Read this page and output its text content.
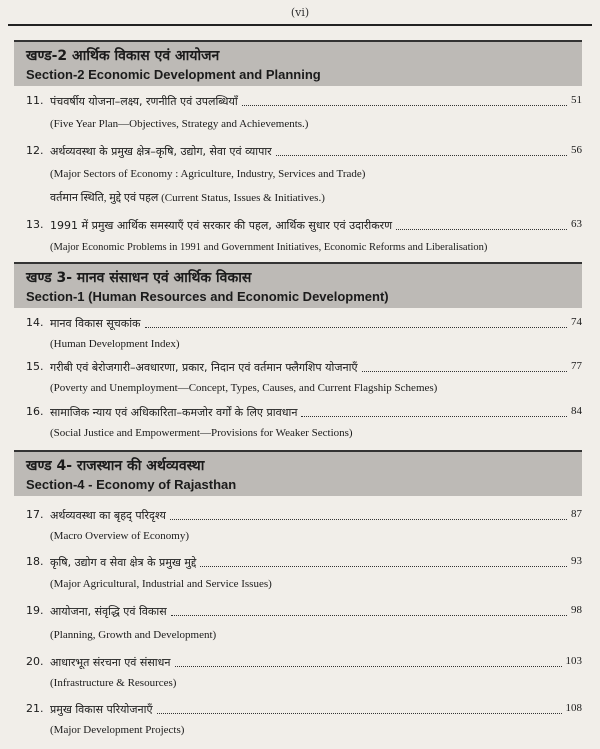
(vi)
खण्ड-2 आर्थिक विकास एवं आयोजन
Section-2 Economic Development and Planning
11. पंचवर्षीय योजना–लक्ष्य, रणनीति एवं उपलब्धियाँ	51
(Five Year Plan—Objectives, Strategy and Achievements.)
12. अर्थव्यवस्था के प्रमुख क्षेत्र–कृषि, उद्योग, सेवा एवं व्यापार	56
(Major Sectors of Economy : Agriculture, Industry, Services and Trade)
वर्तमान स्थिति, मुद्दे एवं पहल (Current Status, Issues & Initiatives.)
13. 1991 में प्रमुख आर्थिक समस्याएँ एवं सरकार की पहल, आर्थिक सुधार एवं उदारीकरण	63
(Major Economic Problems in 1991 and Government Initiatives, Economic Reforms and Liberalisation)
खण्ड 3- मानव संसाधन एवं आर्थिक विकास
Section-1 (Human Resources and Economic Development)
14. मानव विकास सूचकांक	74
(Human Development Index)
15. गरीबी एवं बेरोजगारी–अवधारणा, प्रकार, निदान एवं वर्तमान फ्लैगशिप योजनाएँ	77
(Poverty and Unemployment—Concept, Types, Causes, and Current Flagship Schemes)
16. सामाजिक न्याय एवं अधिकारिता–कमजोर वर्गों के लिए प्रावधान	84
(Social Justice and Empowerment—Provisions for Weaker Sections)
खण्ड 4- राजस्थान की अर्थव्यवस्था
Section-4 - Economy of Rajasthan
17. अर्थव्यवस्था का बृहद् परिदृश्य	87
(Macro Overview of Economy)
18. कृषि, उद्योग व सेवा क्षेत्र के प्रमुख मुद्दे	93
(Major Agricultural, Industrial and Service Issues)
19. आयोजना, संवृद्धि एवं विकास	98
(Planning, Growth and Development)
20. आधारभूत संरचना एवं संसाधन	103
(Infrastructure & Resources)
21. प्रमुख विकास परियोजनाएँ	108
(Major Development Projects)
